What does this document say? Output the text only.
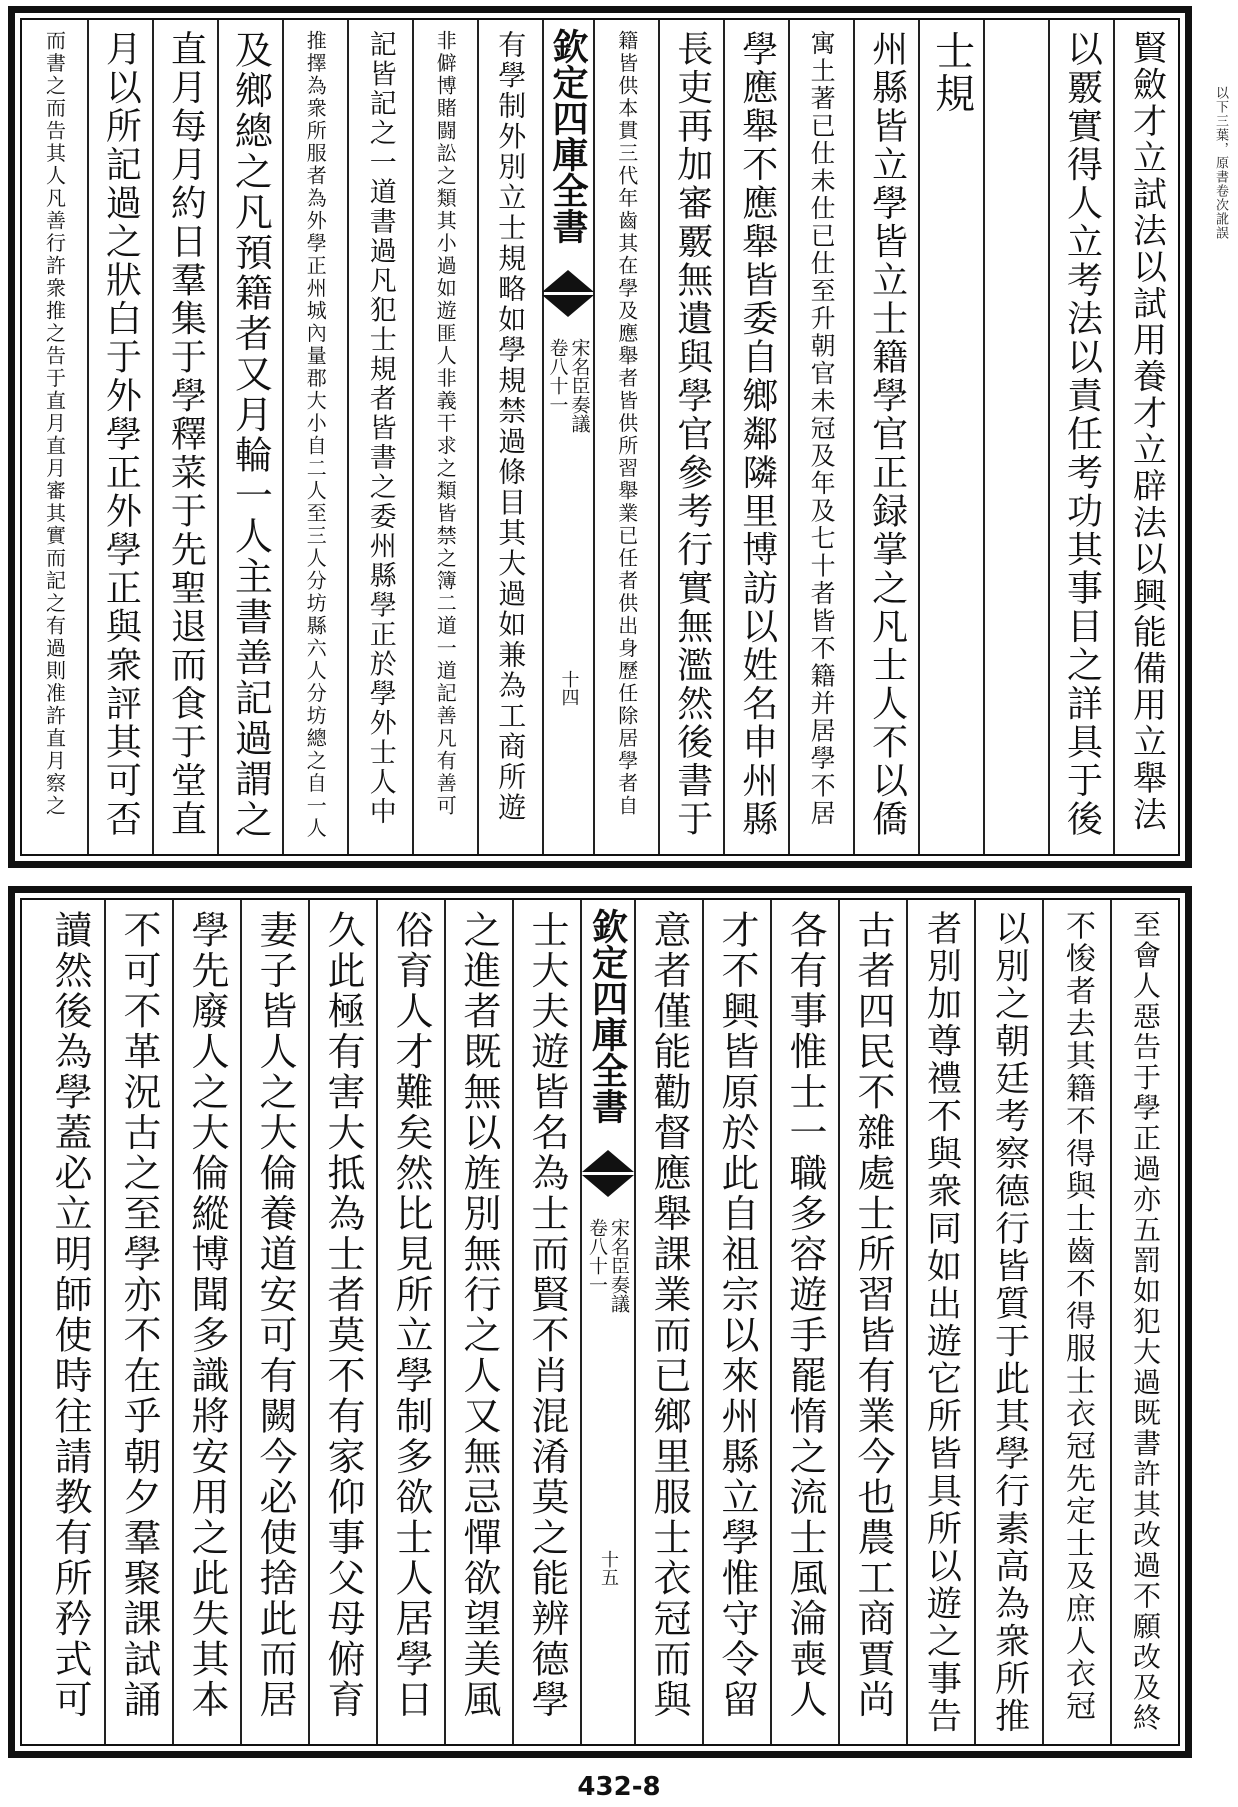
以下三葉，原書卷次訛誤
賢斂才立試法以試用養才立辟法以興能備用立舉法
以覈實得人立考法以責任考功其事目之詳具于後
士規
州縣皆立學皆立士籍學官正録掌之凡士人不以僑
寓土著已仕未仕已仕至升朝官未冠及年及七十者皆不籍并居學不居
學應舉不應舉皆委自鄉鄰隣里博訪以姓名申州縣
長吏再加審覈無遺與學官參考行實無濫然後書于
籍皆供本貫三代年齒其在學及應舉者皆供所習舉業已任者供出身歷任除居學者自
欽定四庫全書
宋名臣奏議
卷八十一
十四
有學制外別立士規略如學規禁過條目其大過如兼為工商所遊
非僻博賭闘訟之類其小過如遊匪人非義干求之類皆禁之簿二道一道記善凡有善可
記皆記之一道書過凡犯士規者皆書之委州縣學正於學外士人中
推擇為衆所服者為外學正州城內量郡大小自二人至三人分坊縣六人分坊總之自一人
及鄉總之凡預籍者又月輪一人主書善記過謂之
直月每月約日羣集于學釋菜于先聖退而食于堂直
月以所記過之狀白于外學正外學正與衆評其可否
而書之而告其人凡善行許衆推之告于直月直月審其實而記之有過則准許直月察之
至會人惡告于學正過亦五罰如犯大過既書許其改過不願改及終
不悛者去其籍不得與士齒不得服士衣冠先定士及庶人衣冠
以別之朝廷考察德行皆質于此其學行素高為衆所推
者別加尊禮不與衆同如出遊它所皆具所以遊之事告
古者四民不雜處士所習皆有業今也農工商賈尚
各有事惟士一職多容遊手罷惰之流士風淪喪人
才不興皆原於此自祖宗以來州縣立學惟守令留
意者僅能勸督應舉課業而已鄉里服士衣冠而與
欽定四庫全書
宋名臣奏議
卷八十一
十五
士大夫遊皆名為士而賢不肖混淆莫之能辨德學
之進者既無以旌別無行之人又無忌憚欲望美風
俗育人才難矣然比見所立學制多欲士人居學日
久此極有害大抵為士者莫不有家仰事父母俯育
妻子皆人之大倫養道安可有闕今必使捨此而居
學先廢人之大倫縱博聞多識將安用之此失其本
不可不革況古之至學亦不在乎朝夕羣聚課試誦
讀然後為學蓋必立明師使時往請教有所矜式可
432-8
